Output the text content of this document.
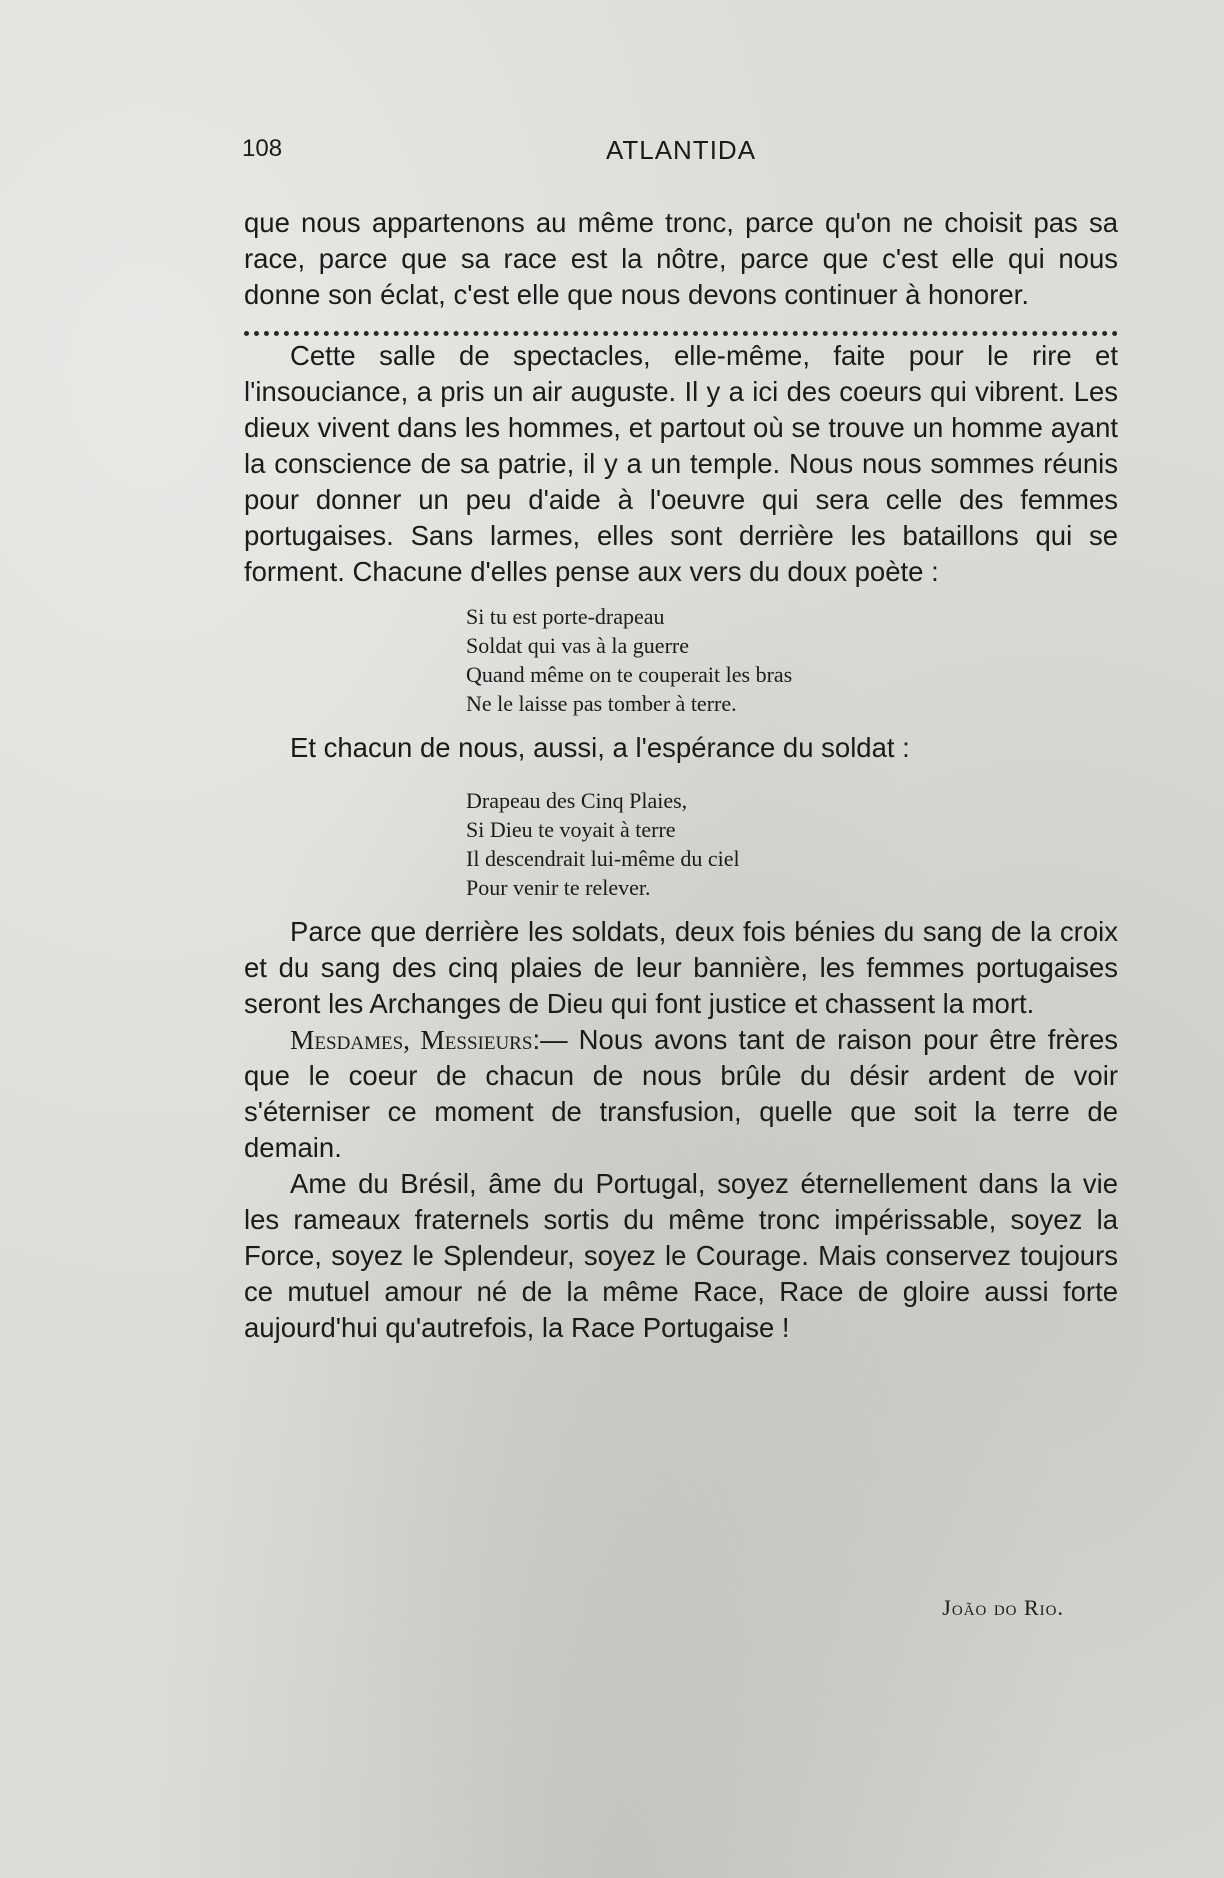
108	ATLANTIDA

que nous appartenons au même tronc, parce qu'on ne choisit pas sa race, parce que sa race est la nôtre, parce que c'est elle qui nous donne son éclat, c'est elle que nous devons continuer à honorer.

Cette salle de spectacles, elle-même, faite pour le rire et l'insouciance, a pris un air auguste. Il y a ici des coeurs qui vibrent. Les dieux vivent dans les hommes, et partout où se trouve un homme ayant la conscience de sa patrie, il y a un temple. Nous nous sommes réunis pour donner un peu d'aide à l'oeuvre qui sera celle des femmes portugaises. Sans larmes, elles sont derrière les bataillons qui se forment. Chacune d'elles pense aux vers du doux poète :

Si tu est porte-drapeau
Soldat qui vas à la guerre
Quand même on te couperait les bras
Ne le laisse pas tomber à terre.

Et chacun de nous, aussi, a l'espérance du soldat :

Drapeau des Cinq Plaies,
Si Dieu te voyait à terre
Il descendrait lui-même du ciel
Pour venir te relever.

Parce que derrière les soldats, deux fois bénies du sang de la croix et du sang des cinq plaies de leur bannière, les femmes portugaises seront les Archanges de Dieu qui font justice et chassent la mort.

Mesdames, Messieurs:— Nous avons tant de raison pour être frères que le coeur de chacun de nous brûle du désir ardent de voir s'éterniser ce moment de transfusion, quelle que soit la terre de demain.

Ame du Brésil, âme du Portugal, soyez éternellement dans la vie les rameaux fraternels sortis du même tronc impérissable, soyez la Force, soyez le Splendeur, soyez le Courage. Mais conservez toujours ce mutuel amour né de la même Race, Race de gloire aussi forte aujourd'hui qu'autrefois, la Race Portugaise !

João do Rio.
